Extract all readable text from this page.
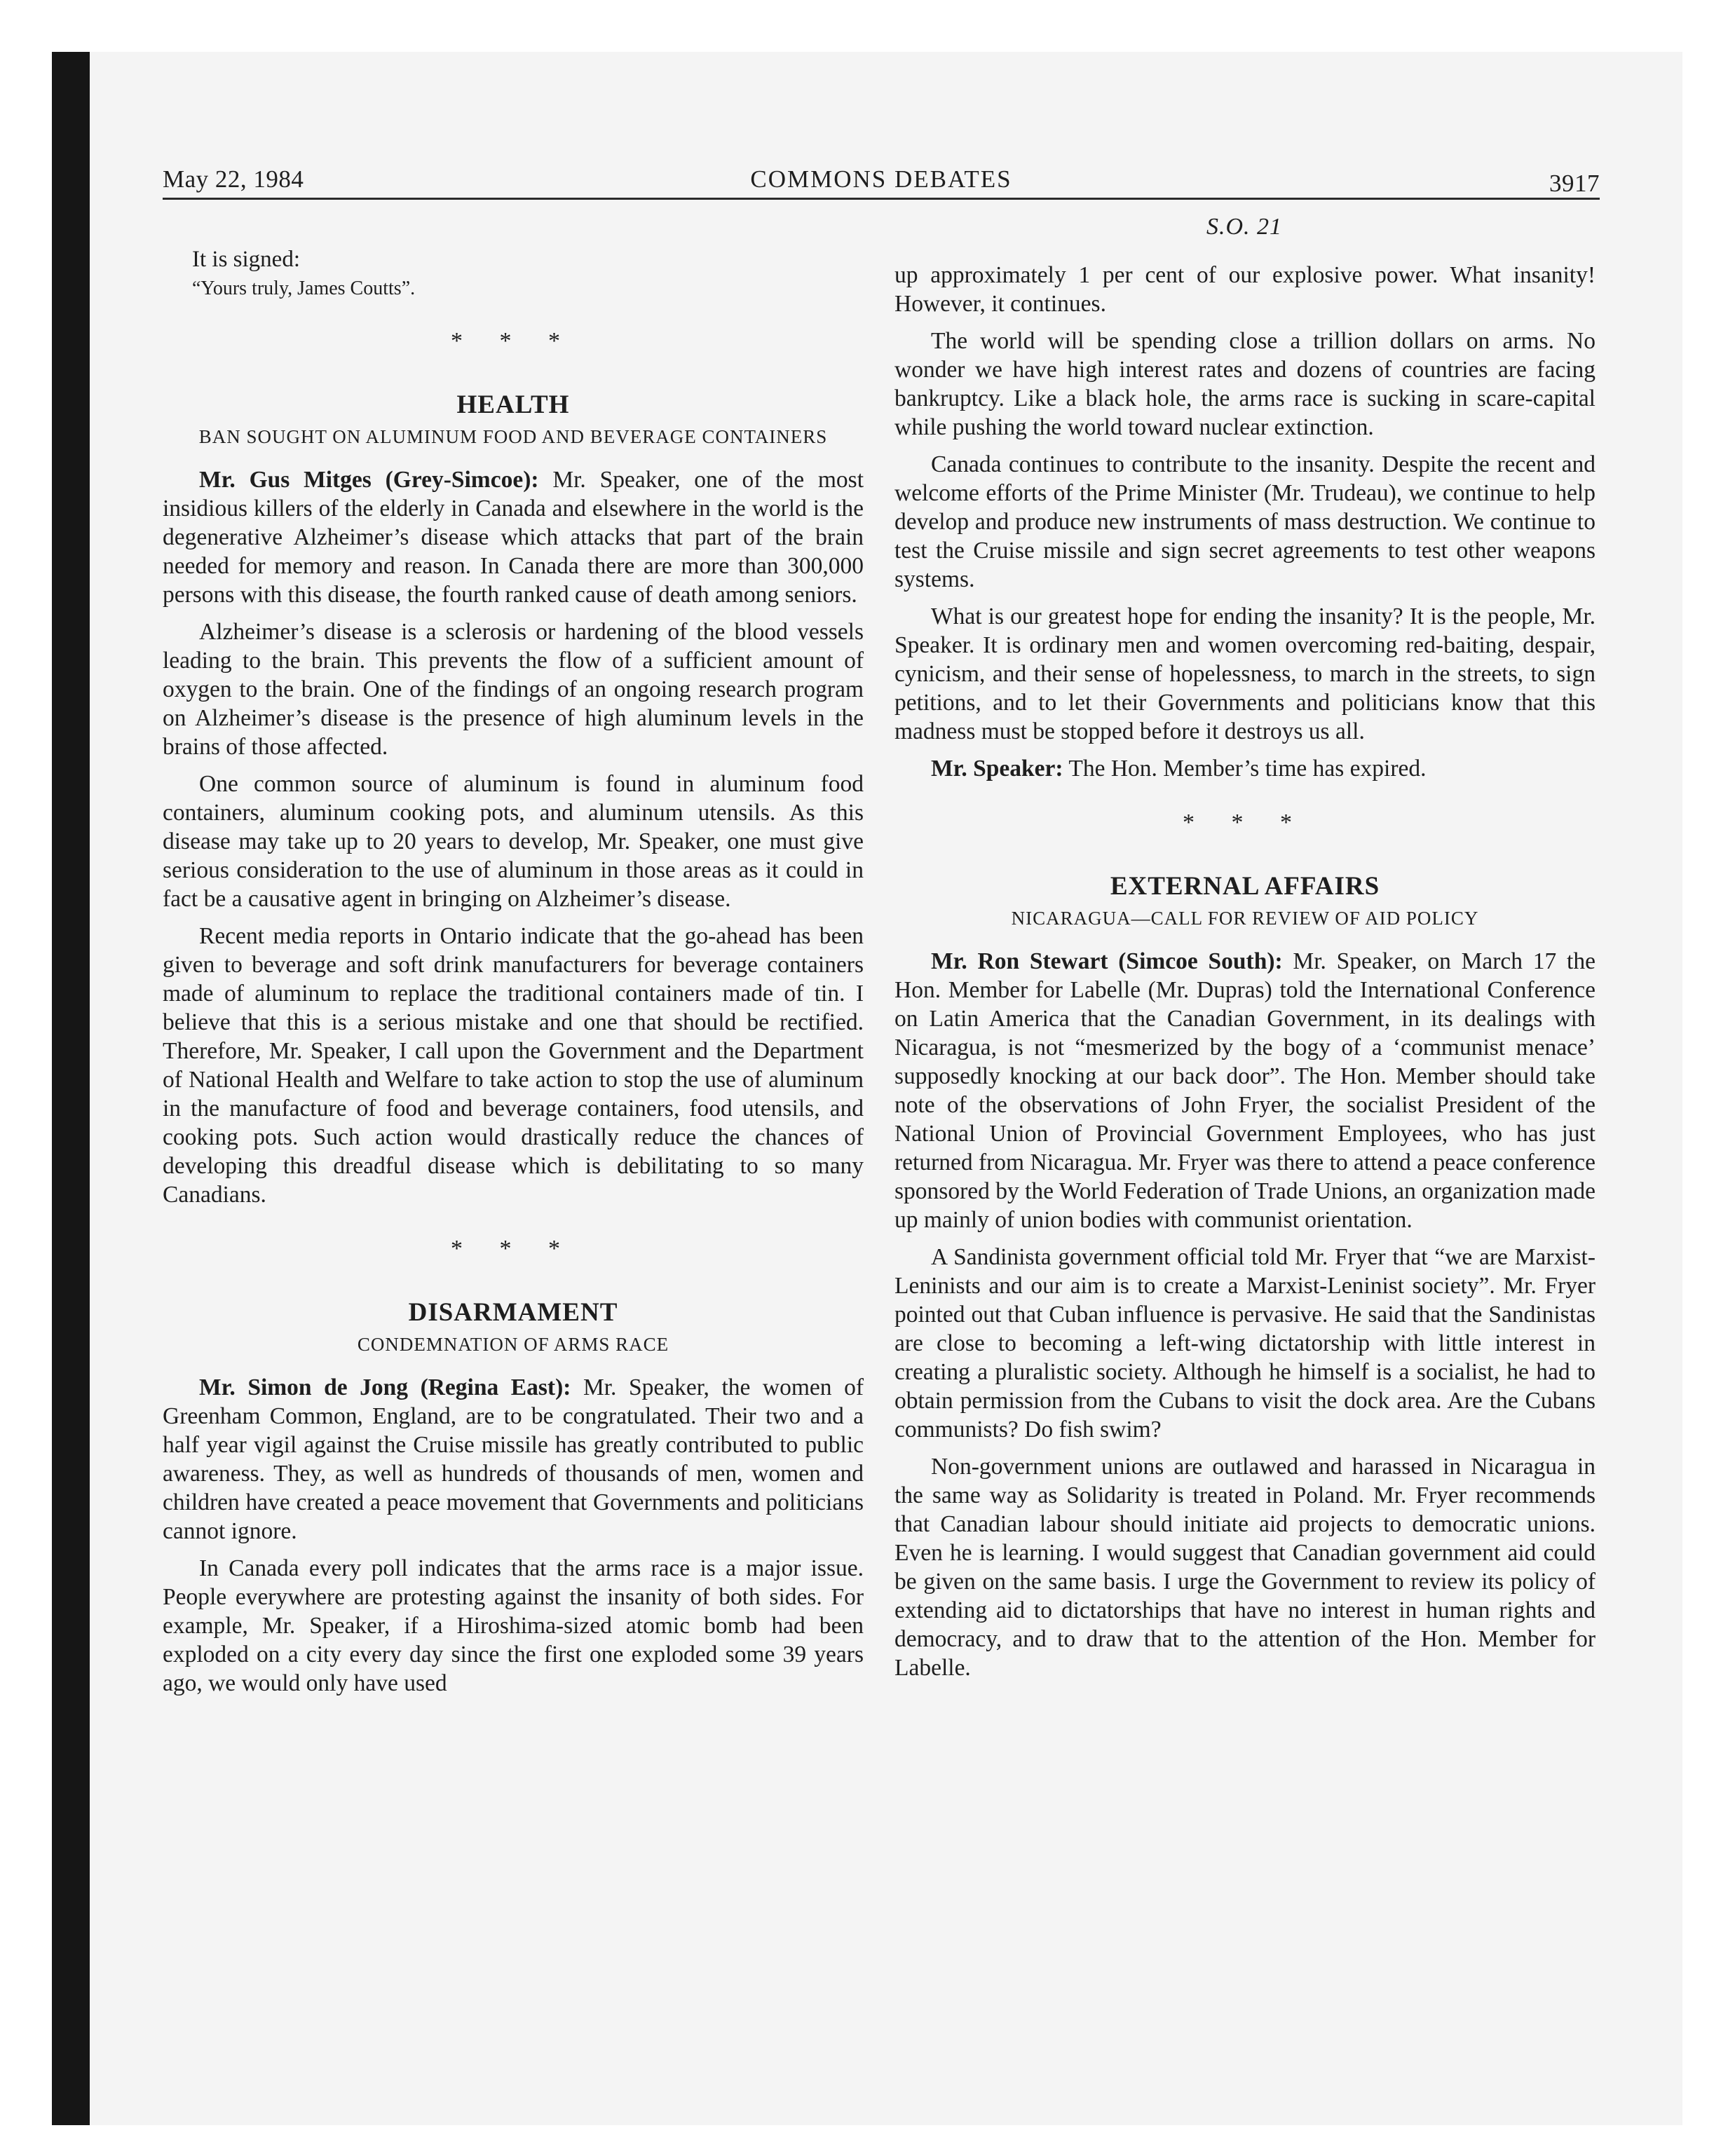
May 22, 1984	COMMONS DEBATES	3917
S.O. 21
It is signed:
“Yours truly, James Coutts”.
* * *
HEALTH
BAN SOUGHT ON ALUMINUM FOOD AND BEVERAGE CONTAINERS

Mr. Gus Mitges (Grey-Simcoe): Mr. Speaker, one of the most insidious killers of the elderly in Canada and elsewhere in the world is the degenerative Alzheimer’s disease which attacks that part of the brain needed for memory and reason. In Canada there are more than 300,000 persons with this disease, the fourth ranked cause of death among seniors.

Alzheimer’s disease is a sclerosis or hardening of the blood vessels leading to the brain. This prevents the flow of a sufficient amount of oxygen to the brain. One of the findings of an ongoing research program on Alzheimer’s disease is the presence of high aluminum levels in the brains of those affected.

One common source of aluminum is found in aluminum food containers, aluminum cooking pots, and aluminum utensils. As this disease may take up to 20 years to develop, Mr. Speaker, one must give serious consideration to the use of aluminum in those areas as it could in fact be a causative agent in bringing on Alzheimer’s disease.

Recent media reports in Ontario indicate that the go-ahead has been given to beverage and soft drink manufacturers for beverage containers made of aluminum to replace the traditional containers made of tin. I believe that this is a serious mistake and one that should be rectified. Therefore, Mr. Speaker, I call upon the Government and the Department of National Health and Welfare to take action to stop the use of aluminum in the manufacture of food and beverage containers, food utensils, and cooking pots. Such action would drastically reduce the chances of developing this dreadful disease which is debilitating to so many Canadians.

* * *
DISARMAMENT
CONDEMNATION OF ARMS RACE

Mr. Simon de Jong (Regina East): Mr. Speaker, the women of Greenham Common, England, are to be congratulated. Their two and a half year vigil against the Cruise missile has greatly contributed to public awareness. They, as well as hundreds of thousands of men, women and children have created a peace movement that Governments and politicians cannot ignore.

In Canada every poll indicates that the arms race is a major issue. People everywhere are protesting against the insanity of both sides. For example, Mr. Speaker, if a Hiroshima-sized atomic bomb had been exploded on a city every day since the first one exploded some 39 years ago, we would only have used

up approximately 1 per cent of our explosive power. What insanity! However, it continues.

The world will be spending close a trillion dollars on arms. No wonder we have high interest rates and dozens of countries are facing bankruptcy. Like a black hole, the arms race is sucking in scare-capital while pushing the world toward nuclear extinction.

Canada continues to contribute to the insanity. Despite the recent and welcome efforts of the Prime Minister (Mr. Trudeau), we continue to help develop and produce new instruments of mass destruction. We continue to test the Cruise missile and sign secret agreements to test other weapons systems.

What is our greatest hope for ending the insanity? It is the people, Mr. Speaker. It is ordinary men and women overcoming red-baiting, despair, cynicism, and their sense of hopelessness, to march in the streets, to sign petitions, and to let their Governments and politicians know that this madness must be stopped before it destroys us all.

Mr. Speaker: The Hon. Member’s time has expired.

* * *
EXTERNAL AFFAIRS
NICARAGUA—CALL FOR REVIEW OF AID POLICY

Mr. Ron Stewart (Simcoe South): Mr. Speaker, on March 17 the Hon. Member for Labelle (Mr. Dupras) told the International Conference on Latin America that the Canadian Government, in its dealings with Nicaragua, is not “mesmerized by the bogy of a ‘communist menace’ supposedly knocking at our back door”. The Hon. Member should take note of the observations of John Fryer, the socialist President of the National Union of Provincial Government Employees, who has just returned from Nicaragua. Mr. Fryer was there to attend a peace conference sponsored by the World Federation of Trade Unions, an organization made up mainly of union bodies with communist orientation.

A Sandinista government official told Mr. Fryer that “we are Marxist-Leninists and our aim is to create a Marxist-Leninist society”. Mr. Fryer pointed out that Cuban influence is pervasive. He said that the Sandinistas are close to becoming a left-wing dictatorship with little interest in creating a pluralistic society. Although he himself is a socialist, he had to obtain permission from the Cubans to visit the dock area. Are the Cubans communists? Do fish swim?

Non-government unions are outlawed and harassed in Nicaragua in the same way as Solidarity is treated in Poland. Mr. Fryer recommends that Canadian labour should initiate aid projects to democratic unions. Even he is learning. I would suggest that Canadian government aid could be given on the same basis. I urge the Government to review its policy of extending aid to dictatorships that have no interest in human rights and democracy, and to draw that to the attention of the Hon. Member for Labelle.
